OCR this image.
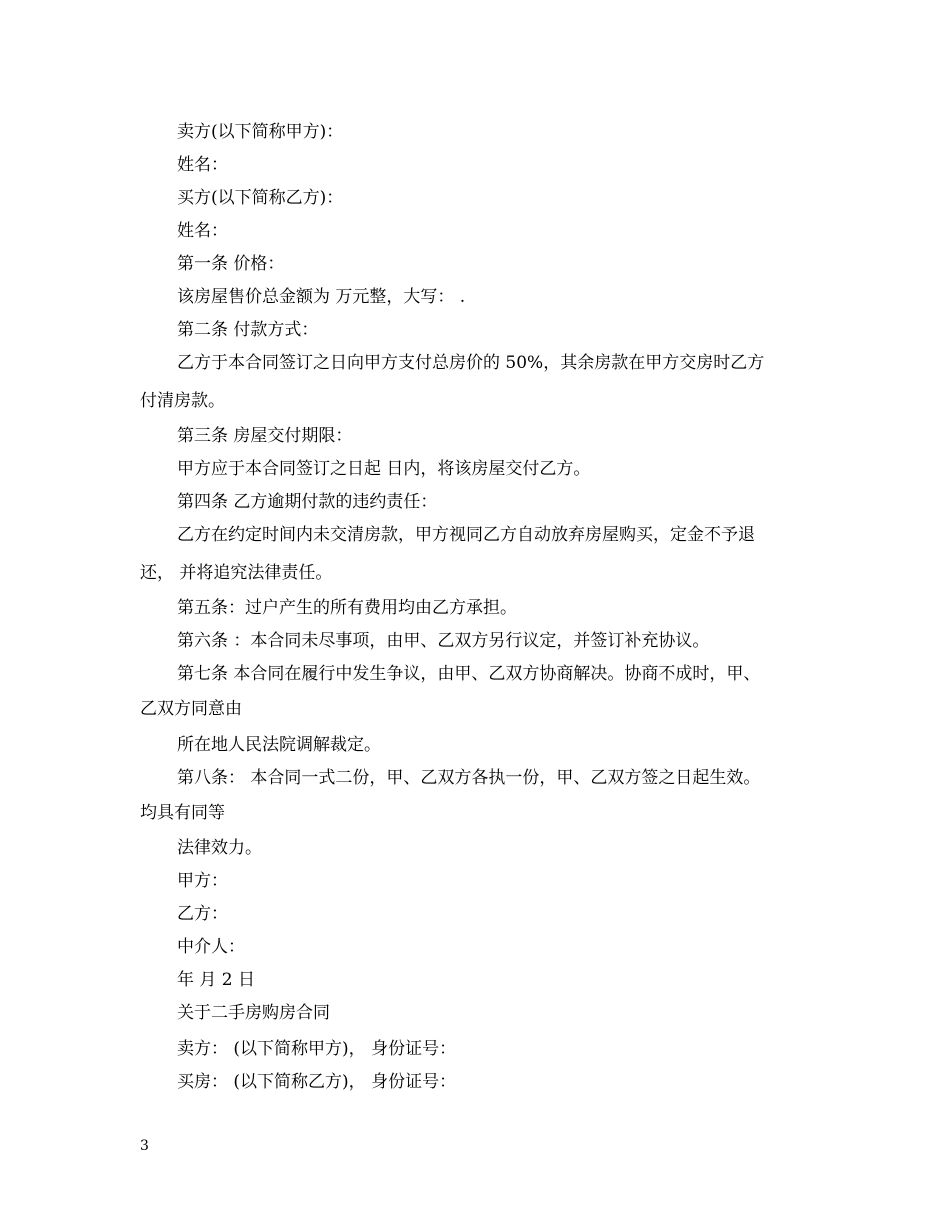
卖方(以下简称甲方)：
姓名：
买方(以下简称乙方)：
姓名：
第一条 价格：
该房屋售价总金额为 万元整，大写： .
第二条 付款方式：
乙方于本合同签订之日向甲方支付总房价的 50%，其余房款在甲方交房时乙方
付清房款。
第三条 房屋交付期限：
甲方应于本合同签订之日起 日内，将该房屋交付乙方。
第四条 乙方逾期付款的违约责任：
乙方在约定时间内未交清房款，甲方视同乙方自动放弃房屋购买，定金不予退
还， 并将追究法律责任。
第五条：过户产生的所有费用均由乙方承担。
第六条 ：本合同未尽事项，由甲、乙双方另行议定，并签订补充协议。
第七条 本合同在履行中发生争议，由甲、乙双方协商解决。协商不成时，甲、
乙双方同意由
所在地人民法院调解裁定。
第八条： 本合同一式二份，甲、乙双方各执一份，甲、乙双方签之日起生效。
均具有同等
法律效力。
甲方：
乙方：
中介人：
年 月 2 日
关于二手房购房合同
卖方： (以下简称甲方)， 身份证号：
买房： (以下简称乙方)， 身份证号：
3
